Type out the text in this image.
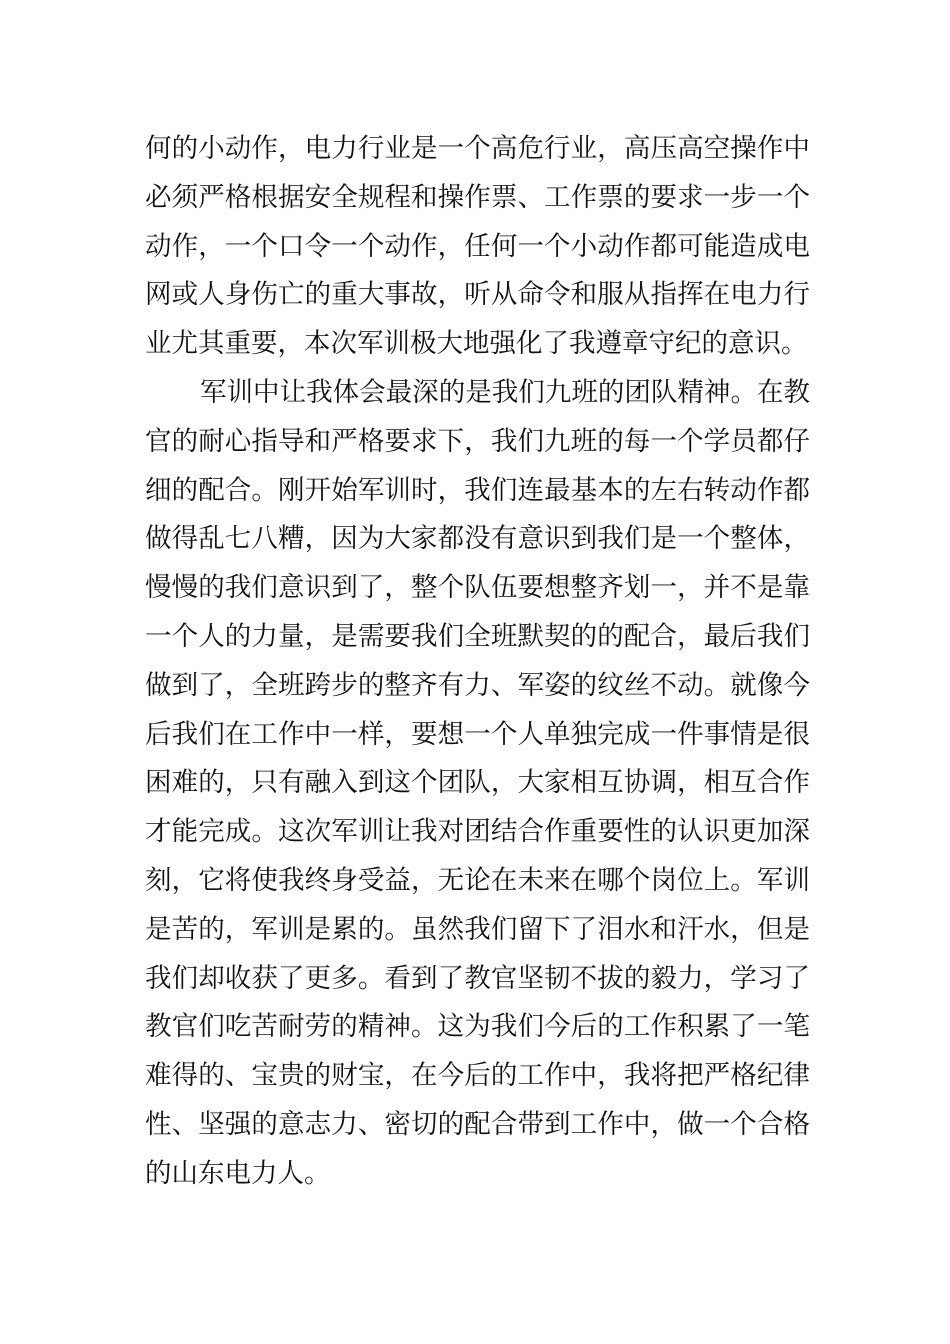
何的小动作，电力行业是一个高危行业，高压高空操作中
必须严格根据安全规程和操作票、工作票的要求一步一个
动作，一个口令一个动作，任何一个小动作都可能造成电
网或人身伤亡的重大事故，听从命令和服从指挥在电力行
业尤其重要，本次军训极大地强化了我遵章守纪的意识。
军训中让我体会最深的是我们九班的团队精神。在教
官的耐心指导和严格要求下，我们九班的每一个学员都仔
细的配合。刚开始军训时，我们连最基本的左右转动作都
做得乱七八糟，因为大家都没有意识到我们是一个整体，
慢慢的我们意识到了，整个队伍要想整齐划一，并不是靠
一个人的力量，是需要我们全班默契的的配合，最后我们
做到了，全班跨步的整齐有力、军姿的纹丝不动。就像今
后我们在工作中一样，要想一个人单独完成一件事情是很
困难的，只有融入到这个团队，大家相互协调，相互合作
才能完成。这次军训让我对团结合作重要性的认识更加深
刻，它将使我终身受益，无论在未来在哪个岗位上。军训
是苦的，军训是累的。虽然我们留下了泪水和汗水，但是
我们却收获了更多。看到了教官坚韧不拔的毅力，学习了
教官们吃苦耐劳的精神。这为我们今后的工作积累了一笔
难得的、宝贵的财宝，在今后的工作中，我将把严格纪律
性、坚强的意志力、密切的配合带到工作中，做一个合格
的山东电力人。
